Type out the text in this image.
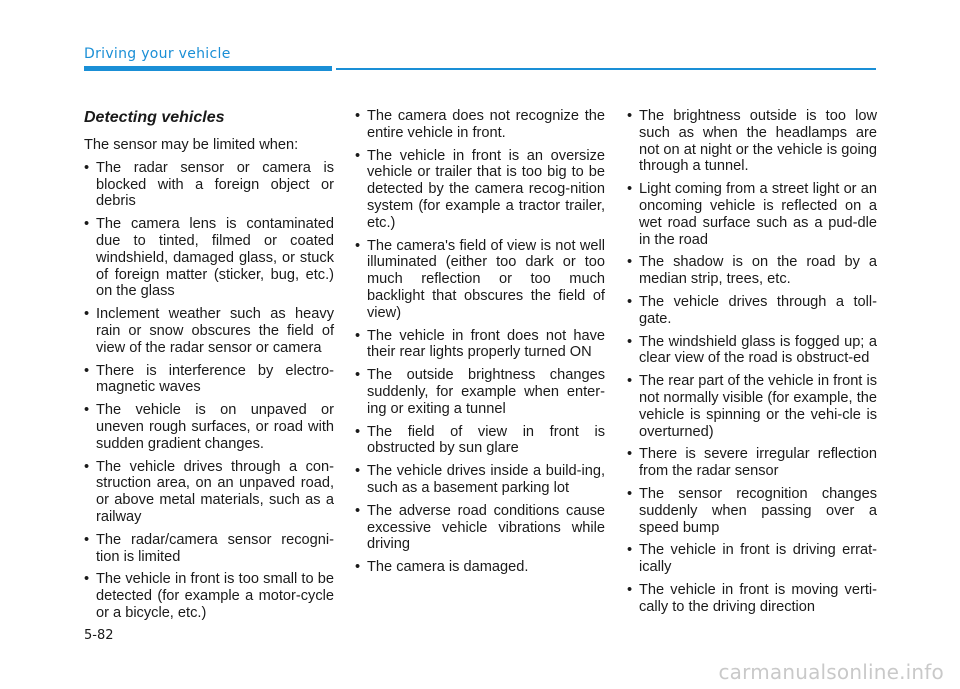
Driving your vehicle
Detecting vehicles
The sensor may be limited when:
• The radar sensor or camera is blocked with a foreign object or debris
• The camera lens is contaminated due to tinted, filmed or coated windshield, damaged glass, or stuck of foreign matter (sticker, bug, etc.) on the glass
• Inclement weather such as heavy rain or snow obscures the field of view of the radar sensor or camera
• There is interference by electro-magnetic waves
• The vehicle is on unpaved or uneven rough surfaces, or road with sudden gradient changes.
• The vehicle drives through a con-struction area, on an unpaved road, or above metal materials, such as a railway
• The radar/camera sensor recogni-tion is limited
• The vehicle in front is too small to be detected (for example a motor-cycle or a bicycle, etc.)
• The camera does not recognize the entire vehicle in front.
• The vehicle in front is an oversize vehicle or trailer that is too big to be detected by the camera recog-nition system (for example a tractor trailer, etc.)
• The camera's field of view is not well illuminated (either too dark or too much reflection or too much backlight that obscures the field of view)
• The vehicle in front does not have their rear lights properly turned ON
• The outside brightness changes suddenly, for example when enter-ing or exiting a tunnel
• The field of view in front is obstructed by sun glare
• The vehicle drives inside a build-ing, such as a basement parking lot
• The adverse road conditions cause excessive vehicle vibrations while driving
• The camera is damaged.
• The brightness outside is too low such as when the headlamps are not on at night or the vehicle is going through a tunnel.
• Light coming from a street light or an oncoming vehicle is reflected on a wet road surface such as a pud-dle in the road
• The shadow is on the road by a median strip, trees, etc.
• The vehicle drives through a toll-gate.
• The windshield glass is fogged up; a clear view of the road is obstruct-ed
• The rear part of the vehicle in front is not normally visible (for example, the vehicle is spinning or the vehi-cle is overturned)
• There is severe irregular reflection from the radar sensor
• The sensor recognition changes suddenly when passing over a speed bump
• The vehicle in front is driving errat-ically
• The vehicle in front is moving verti-cally to the driving direction
5-82
carmanualsonline.info
